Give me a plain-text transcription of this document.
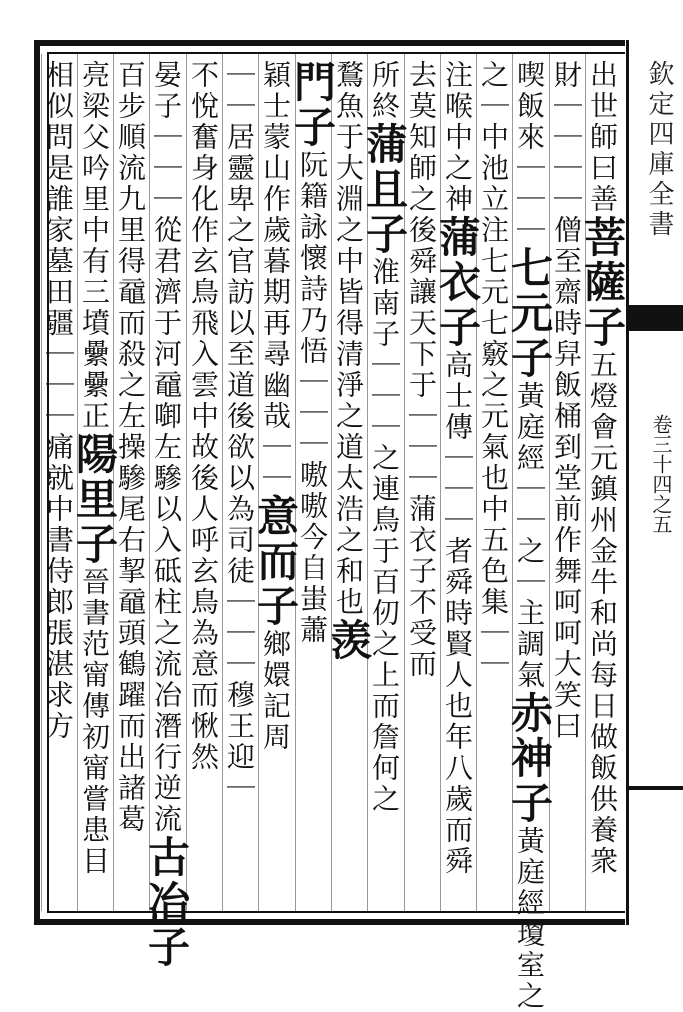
欽定四庫全書
卷三十四之五
出世師曰善菩薩子五燈會元鎮州金牛和尚每日做飯供養衆
財｜｜｜｜僧至齋時舁飯桶到堂前作舞呵呵大笑曰
喫飯來｜｜｜七元子黃庭經｜｜之｜主調氣赤神子黃庭經瓊室之
之｜中池立注七元七竅之元氣也中五色集｜｜
注喉中之神蒲衣子高士傳｜｜｜者舜時賢人也年八歲而舜
去莫知師之後舜讓天下于｜｜｜蒲衣子不受而
所終蒲且子淮南子｜｜｜之連鳥于百仞之上而詹何之
鶩魚于大淵之中皆得清淨之道太浩之和也羡
門子阮籍詠懷詩乃悟｜｜｜嗷嗷今自蚩蕭
穎士蒙山作歲暮期再尋幽哉｜｜意而子鄉嬛記周
｜｜居靈卑之官訪以至道後欲以為司徒｜｜｜穆王迎｜
不悅奮身化作玄鳥飛入雲中故後人呼玄鳥為意而愀然
晏子｜｜｜從君濟于河黿啣左驂以入砥柱之流冶潛行逆流古冶子
百步順流九里得黿而殺之左操驂尾右挈黿頭鶴躍而出諸葛
亮梁父吟里中有三墳纍纍正陽里子晉書范甯傳初甯嘗患目
相似問是誰家墓田疆｜｜｜痛就中書侍郎張湛求方
